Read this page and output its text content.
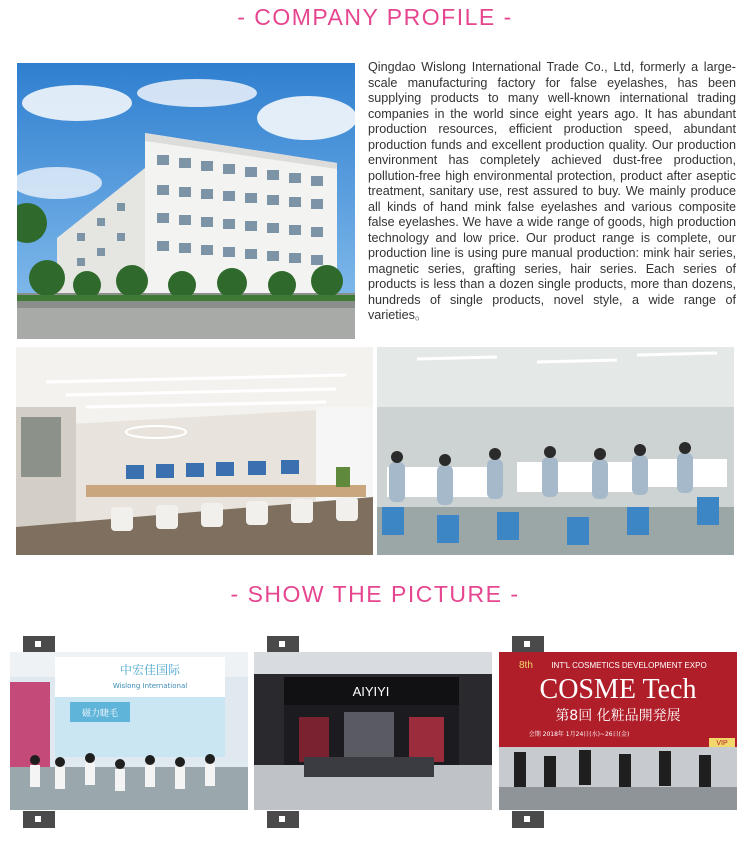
- COMPANY PROFILE -
Qingdao Wislong International Trade Co., Ltd, formerly a large-scale manufacturing factory for false eyelashes, has been supplying products to many well-known international trading companies in the world since eight years ago. It has abundant production resources, efficient production speed, abundant production funds and excellent production quality. Our production environment has completely achieved dust-free production, pollution-free high environmental protection, product after aseptic treatment, sanitary use, rest assured to buy. We mainly produce all kinds of hand mink false eyelashes and various composite false eyelashes. We have a wide range of goods, high production technology and low price. Our product range is complete, our production line is using pure manual production: mink hair series, magnetic series, grafting series, hair series. Each series of products is less than a dozen single products, more than dozens, hundreds of single products, novel style, a wide range of varieties。
- SHOW THE PICTURE -
中宏佳国际
Wislong International
磁力睫毛
AIYIYI
8th INT'L COSMETICS DEVELOPMENT EXPO
COSME Tech
第8回 化粧品開発展
会期 2018年 1月24日(水)~26日(金)
VIP
